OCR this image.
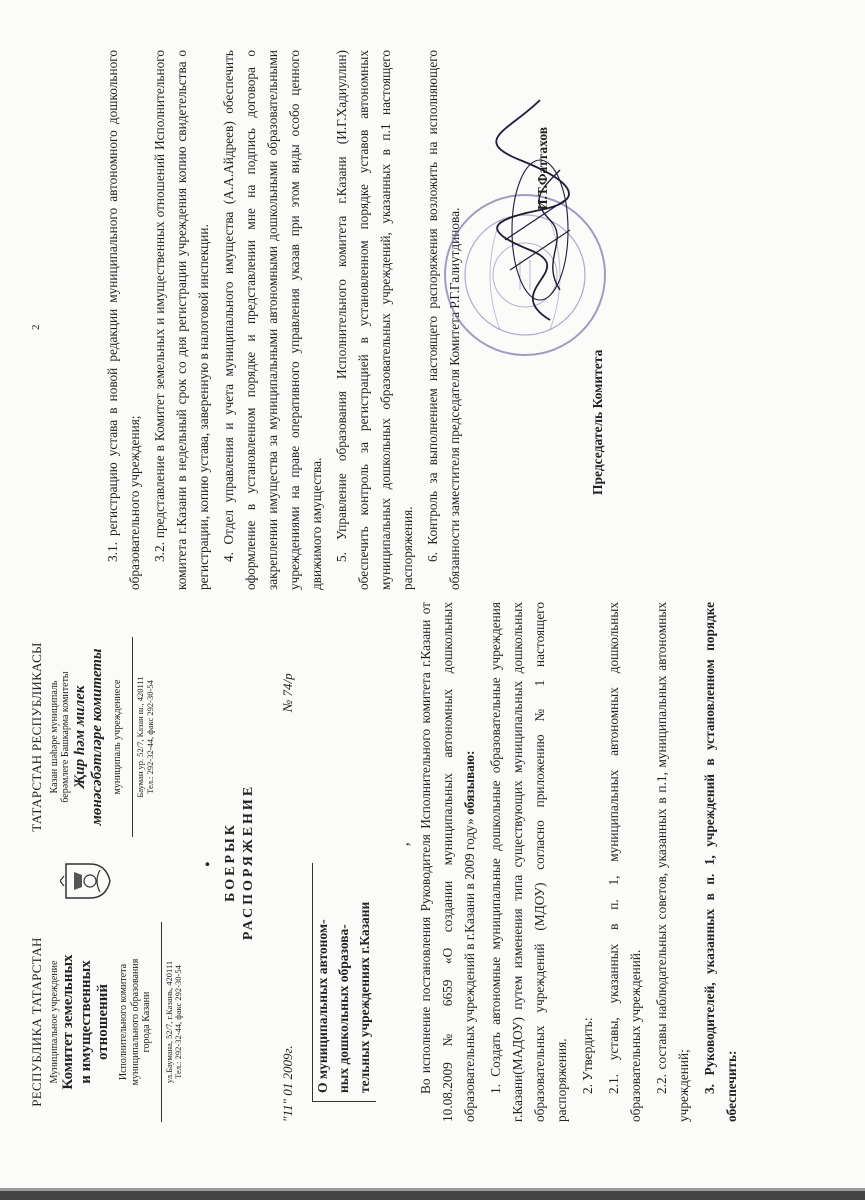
РЕСПУБЛИКА ТАТАРСТАН Муниципальное учреждение Комитет земельных и имущественных отношений Исполнительного комитета муниципального образования города Казани ул.Баумана, 52/7, г.Казань, 420111 Тел.: 292-32-44, факс 292-30-54
ТАТАРСТАН РЕСПУБЛИКАСЫ Казан шәһәре муниципаль берәмлеге Башкарма комитеты Җир һәм милек мөнәсәбәтләре комитеты муниципаль учреждениесе Бауман ур. 52/7, Казан ш., 420111 Тел.: 292-32-44, факс 292-30-54
БОЕРЫК РАСПОРЯЖЕНИЕ
"11" 01 2009г.
№ 74/р
О муниципальных автоном- ных дошкольных образова- тельных учреждениях г.Казани
•
‚ Во исполнение постановления Руководителя Исполнительного комитета г.Казани от 10.08.2009 № 6659 «О создании муниципальных автономных дошкольных образовательных учреждений в г.Казани в 2009 году» обязываю: 1. Создать автономные муниципальные дошкольные образовательные учреждения г.Казани(МАДОУ) путем изменения типа существующих муниципальных дошкольных образовательных учреждений (МДОУ) согласно приложению № 1 настоящего распоряжения. 2. Утвердить: 2.1. уставы, указанных в п. 1, муниципальных автономных дошкольных образовательных учреждений. 2.2. составы наблюдательных советов, указанных в п.1, муниципальных автономных учреждений; 3. Руководителей, указанных в п. 1, учреждений в установленном порядке обеспечить:

2	3.1. регистрацию устава в новой редакции муниципального автономного дошкольного образовательного учреждения; 3.2. представление в Комитет земельных и имущественных отношений Исполнительного комитета г.Казани в недельный срок со дня регистрации учреждения копию свидетельства о регистрации, копию устава, заверенную в налоговой инспекции. 4. Отдел управления и учета муниципального имущества (А.А.Айдреев) обеспечить оформление в установленном порядке и представлении мне на подпись договора о закреплении имущества за муниципальными автономными дошкольными образовательными учреждениями на праве оперативного управления указав при этом виды особо ценного движимого имущества. 5. Управление образования Исполнительного комитета г.Казани (И.Г.Хадиуллин) обеспечить контроль за регистрацией в установленном порядке уставов автономных муниципальных дошкольных образовательных учреждений, указанных в п.1 настоящего распоряжения. 6. Контроль за выполнением настоящего распоряжения возложить на исполняющего обязанности заместителя председателя Комитета Р.Г.Галиутдинова.	Председатель Комитета
И.Т.Фаттахов
